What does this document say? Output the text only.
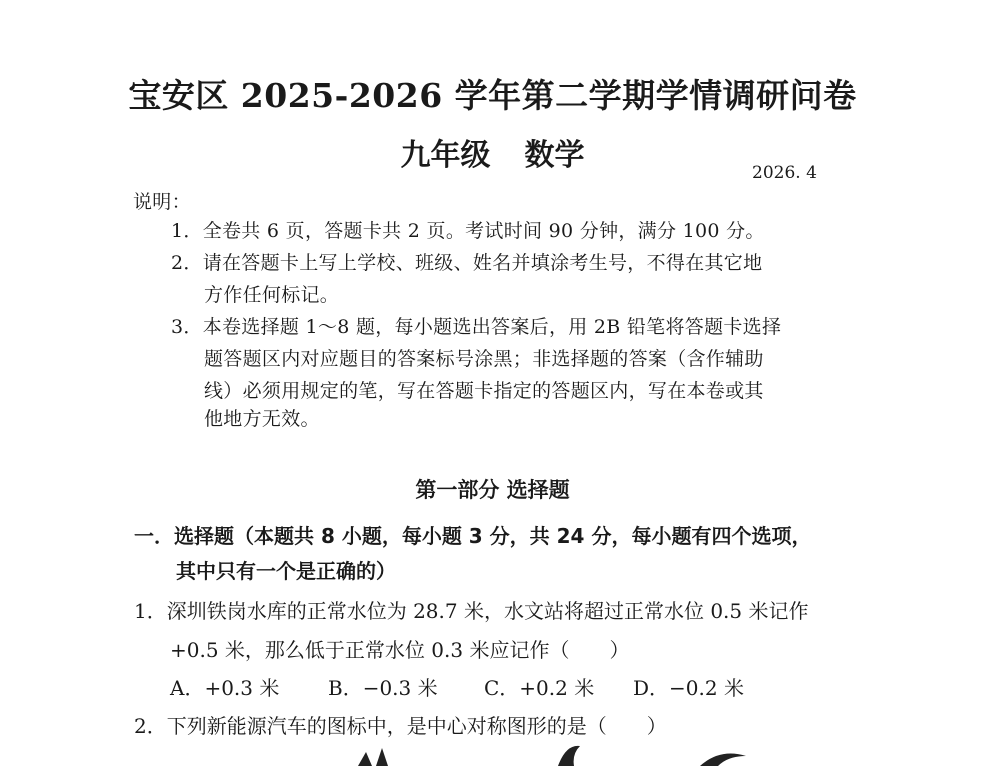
宝安区 2025-2026 学年第二学期学情调研问卷
九年级 数学	2026. 4
说明：
1．全卷共 6 页，答题卡共 2 页。考试时间 90 分钟，满分 100 分。
2．请在答题卡上写上学校、班级、姓名并填涂考生号，不得在其它地
方作任何标记。
3．本卷选择题 1～8 题，每小题选出答案后，用 2B 铅笔将答题卡选择
题答题区内对应题目的答案标号涂黑；非选择题的答案（含作辅助
线）必须用规定的笔，写在答题卡指定的答题区内，写在本卷或其
他地方无效。
第一部分 选择题
一．选择题（本题共 8 小题，每小题 3 分，共 24 分，每小题有四个选项，
其中只有一个是正确的）
1．深圳铁岗水库的正常水位为 28.7 米，水文站将超过正常水位 0.5 米记作
+0.5 米，那么低于正常水位 0.3 米应记作（　　）
A．+0.3 米 B．−0.3 米 C．+0.2 米 D．−0.2 米
2．下列新能源汽车的图标中，是中心对称图形的是（　　）
